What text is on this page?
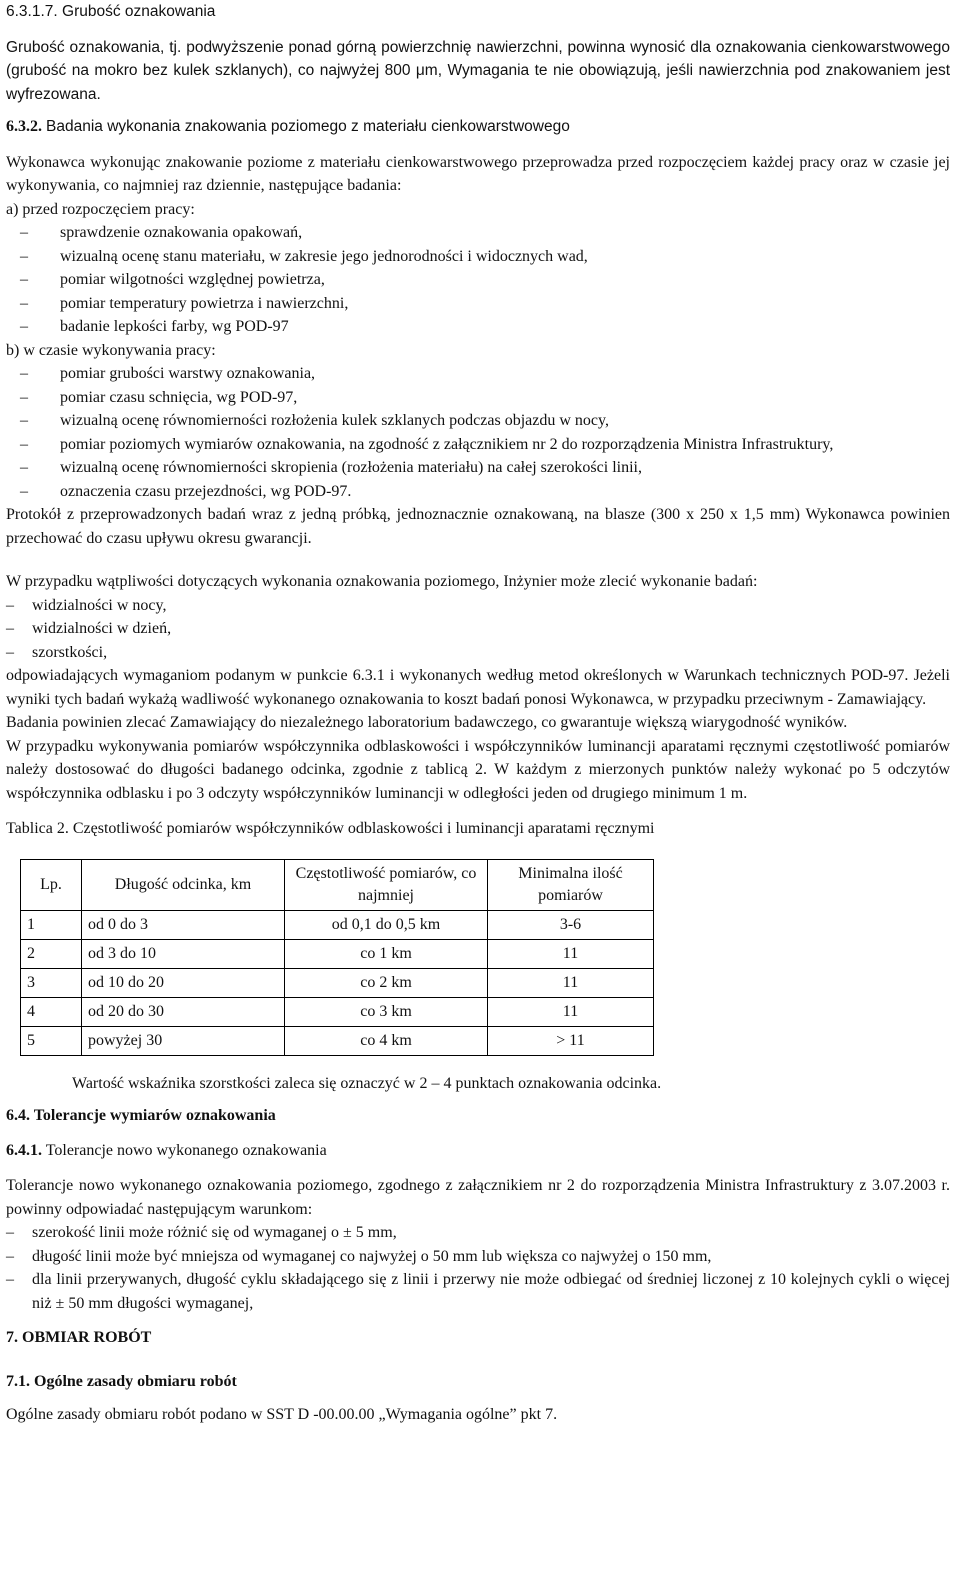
6.3.1.7. Grubość oznakowania

Grubość oznakowania, tj. podwyższenie ponad górną powierzchnię nawierzchni, powinna wynosić dla oznakowania cienkowarstwowego (grubość na mokro bez kulek szklanych), co najwyżej 800 μm, Wymagania te nie obowiązują, jeśli nawierzchnia pod znakowaniem jest wyfrezowana.

6.3.2. Badania wykonania znakowania poziomego z materiału cienkowarstwowego

Wykonawca wykonując znakowanie poziome z materiału cienkowarstwowego przeprowadza przed rozpoczęciem każdej pracy oraz w czasie jej wykonywania, co najmniej raz dziennie, następujące badania:

a) przed rozpoczęciem pracy:

– sprawdzenie oznakowania opakowań,
– wizualną ocenę stanu materiału, w zakresie jego jednorodności i widocznych wad,
– pomiar wilgotności względnej powietrza,
– pomiar temperatury powietrza i nawierzchni,
– badanie lepkości farby, wg POD-97

b) w czasie wykonywania pracy:

– pomiar grubości warstwy oznakowania,
– pomiar czasu schnięcia, wg POD-97,
– wizualną ocenę równomierności rozłożenia kulek szklanych podczas objazdu w nocy,
– pomiar poziomych wymiarów oznakowania, na zgodność z załącznikiem nr 2 do rozporządzenia Ministra Infrastruktury,
– wizualną ocenę równomierności skropienia (rozłożenia materiału) na całej szerokości linii,
– oznaczenia czasu przejezdności, wg POD-97.

Protokół z przeprowadzonych badań wraz z jedną próbką, jednoznacznie oznakowaną, na blasze (300 x 250 x 1,5 mm) Wykonawca powinien przechować do czasu upływu okresu gwarancji.

W przypadku wątpliwości dotyczących wykonania oznakowania poziomego, Inżynier może zlecić wykonanie badań:

– widzialności w nocy,
– widzialności w dzień,
– szorstkości,

odpowiadających wymaganiom podanym w punkcie 6.3.1 i wykonanych według metod określonych w Warunkach technicznych POD-97. Jeżeli wyniki tych badań wykażą wadliwość wykonanego oznakowania to koszt badań ponosi Wykonawca, w przypadku przeciwnym - Zamawiający.

Badania powinien zlecać Zamawiający do niezależnego laboratorium badawczego, co gwarantuje większą wiarygodność wyników.

W przypadku wykonywania pomiarów współczynnika odblaskowości i współczynników luminancji aparatami ręcznymi częstotliwość pomiarów należy dostosować do długości badanego odcinka, zgodnie z tablicą 2. W każdym z mierzonych punktów należy wykonać po 5 odczytów współczynnika odblasku i po 3 odczyty współczynników luminancji w odległości jeden od drugiego minimum 1 m.

Tablica 2. Częstotliwość pomiarów współczynników odblaskowości i luminancji aparatami ręcznymi

Lp.	Długość odcinka, km	Częstotliwość pomiarów, co najmniej	Minimalna ilość pomiarów
1	od 0 do 3	od 0,1 do 0,5 km	3-6
2	od 3 do 10	co 1 km	11
3	od 10 do 20	co 2 km	11
4	od 20 do 30	co 3 km	11
5	powyżej 30	co 4 km	> 11

Wartość wskaźnika szorstkości zaleca się oznaczyć w 2 – 4 punktach oznakowania odcinka.

6.4. Tolerancje wymiarów oznakowania

6.4.1. Tolerancje nowo wykonanego oznakowania

Tolerancje nowo wykonanego oznakowania poziomego, zgodnego z załącznikiem nr 2 do rozporządzenia Ministra Infrastruktury z 3.07.2003 r. powinny odpowiadać następującym warunkom:

– szerokość linii może różnić się od wymaganej o ± 5 mm,
– długość linii może być mniejsza od wymaganej co najwyżej o 50 mm lub większa co najwyżej o 150 mm,
– dla linii przerywanych, długość cyklu składającego się z linii i przerwy nie może odbiegać od średniej liczonej z 10 kolejnych cykli o więcej niż ± 50 mm długości wymaganej,

7. OBMIAR ROBÓT

7.1. Ogólne zasady obmiaru robót

Ogólne zasady obmiaru robót podano w SST D -00.00.00 „Wymagania ogólne” pkt 7.
